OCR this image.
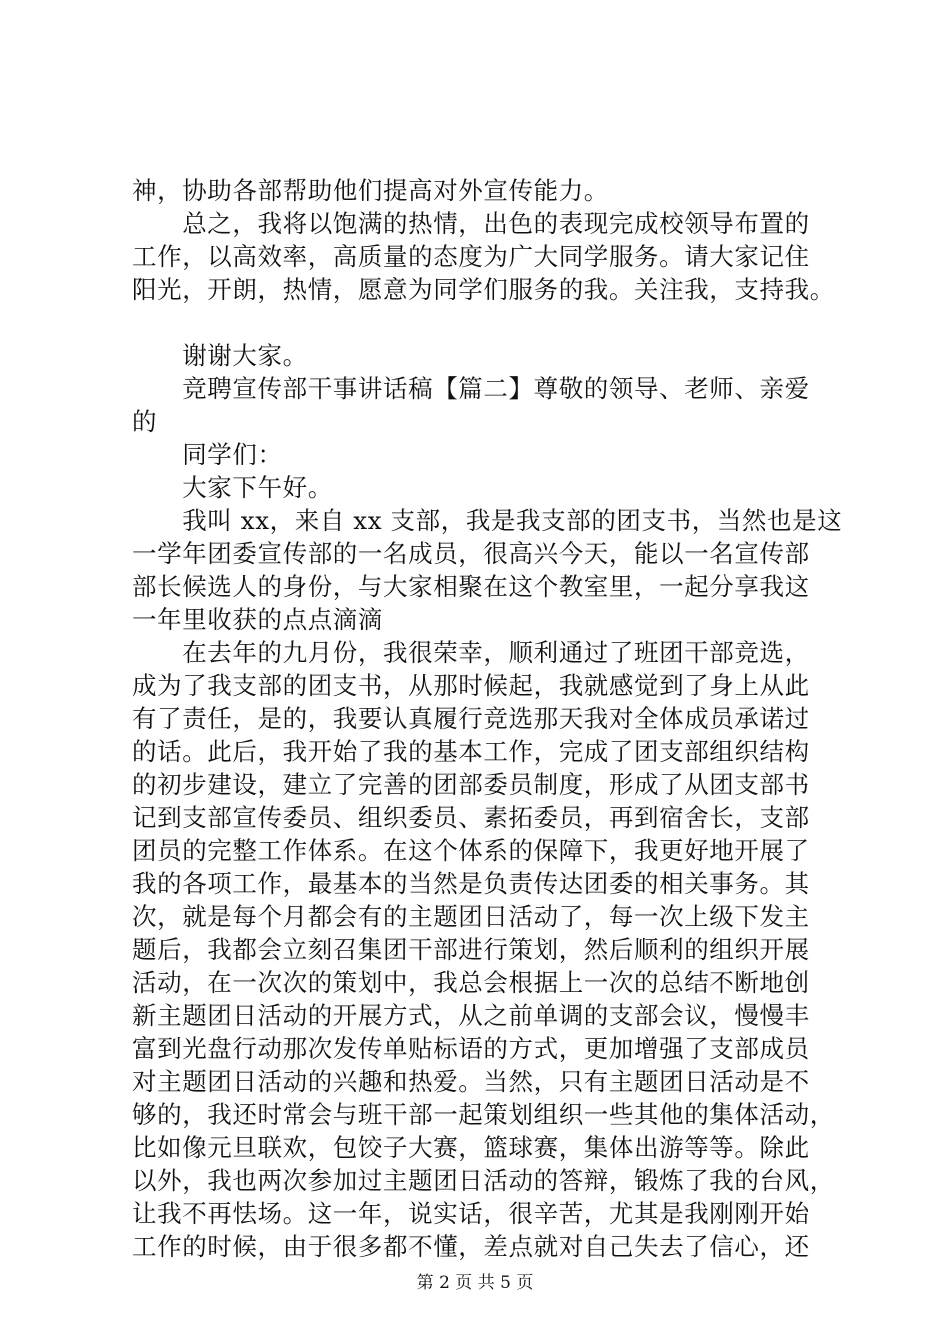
神，协助各部帮助他们提高对外宣传能力。
　　总之，我将以饱满的热情，出色的表现完成校领导布置的
工作，以高效率，高质量的态度为广大同学服务。请大家记住
阳光，开朗，热情，愿意为同学们服务的我。关注我，支持我。
　　谢谢大家。
　　竞聘宣传部干事讲话稿【篇二】尊敬的领导、老师、亲爱
的
　　同学们：
　　大家下午好。
　　我叫 xx，来自 xx 支部，我是我支部的团支书，当然也是这
一学年团委宣传部的一名成员，很高兴今天，能以一名宣传部
部长候选人的身份，与大家相聚在这个教室里，一起分享我这
一年里收获的点点滴滴
　　在去年的九月份，我很荣幸，顺利通过了班团干部竞选，
成为了我支部的团支书，从那时候起，我就感觉到了身上从此
有了责任，是的，我要认真履行竞选那天我对全体成员承诺过
的话。此后，我开始了我的基本工作，完成了团支部组织结构
的初步建设，建立了完善的团部委员制度，形成了从团支部书
记到支部宣传委员、组织委员、素拓委员，再到宿舍长，支部
团员的完整工作体系。在这个体系的保障下，我更好地开展了
我的各项工作，最基本的当然是负责传达团委的相关事务。其
次，就是每个月都会有的主题团日活动了，每一次上级下发主
题后，我都会立刻召集团干部进行策划，然后顺利的组织开展
活动，在一次次的策划中，我总会根据上一次的总结不断地创
新主题团日活动的开展方式，从之前单调的支部会议，慢慢丰
富到光盘行动那次发传单贴标语的方式，更加增强了支部成员
对主题团日活动的兴趣和热爱。当然，只有主题团日活动是不
够的，我还时常会与班干部一起策划组织一些其他的集体活动，
比如像元旦联欢，包饺子大赛，篮球赛，集体出游等等。除此
以外，我也两次参加过主题团日活动的答辩，锻炼了我的台风，
让我不再怯场。这一年，说实话，很辛苦，尤其是我刚刚开始
工作的时候，由于很多都不懂，差点就对自己失去了信心，还
第 2 页 共 5 页
